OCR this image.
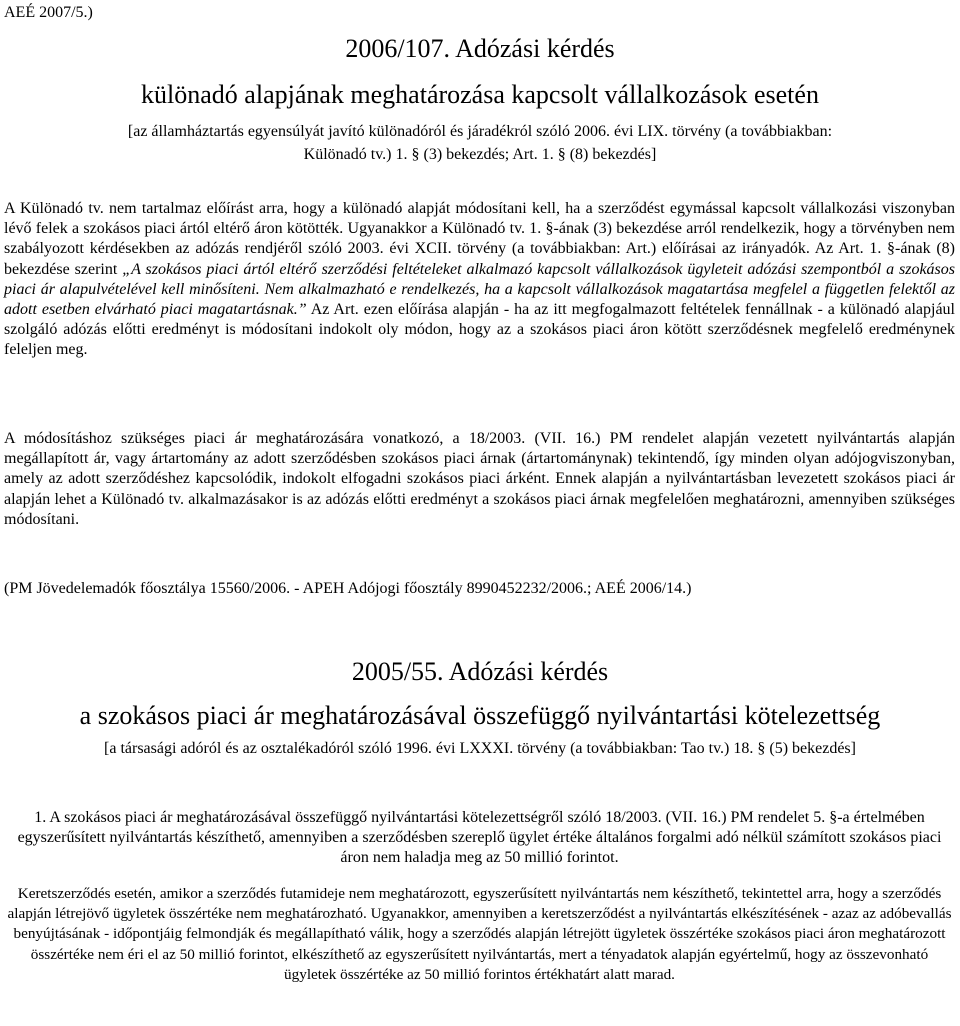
AEÉ 2007/5.)
2006/107. Adózási kérdés
különadó alapjának meghatározása kapcsolt vállalkozások esetén
[az államháztartás egyensúlyát javító különadóról és járadékról szóló 2006. évi LIX. törvény (a továbbiakban:
Különadó tv.) 1. § (3) bekezdés; Art. 1. § (8) bekezdés]
A Különadó tv. nem tartalmaz előírást arra, hogy a különadó alapját módosítani kell, ha a szerződést egymással kapcsolt vállalkozási viszonyban lévő felek a szokásos piaci ártól eltérő áron kötötték. Ugyanakkor a Különadó tv. 1. §-ának (3) bekezdése arról rendelkezik, hogy a törvényben nem szabályozott kérdésekben az adózás rendjéről szóló 2003. évi XCII. törvény (a továbbiakban: Art.) előírásai az irányadók. Az Art. 1. §-ának (8) bekezdése szerint „A szokásos piaci ártól eltérő szerződési feltételeket alkalmazó kapcsolt vállalkozások ügyleteit adózási szempontból a szokásos piaci ár alapulvételével kell minősíteni. Nem alkalmazható e rendelkezés, ha a kapcsolt vállalkozások magatartása megfelel a független felektől az adott esetben elvárható piaci magatartásnak.” Az Art. ezen előírása alapján - ha az itt megfogalmazott feltételek fennállnak - a különadó alapjául szolgáló adózás előtti eredményt is módosítani indokolt oly módon, hogy az a szokásos piaci áron kötött szerződésnek megfelelő eredménynek feleljen meg.
A módosításhoz szükséges piaci ár meghatározására vonatkozó, a 18/2003. (VII. 16.) PM rendelet alapján vezetett nyilvántartás alapján megállapított ár, vagy ártartomány az adott szerződésben szokásos piaci árnak (ártartománynak) tekintendő, így minden olyan adójogviszonyban, amely az adott szerződéshez kapcsolódik, indokolt elfogadni szokásos piaci árként. Ennek alapján a nyilvántartásban levezetett szokásos piaci ár alapján lehet a Különadó tv. alkalmazásakor is az adózás előtti eredményt a szokásos piaci árnak megfelelően meghatározni, amennyiben szükséges módosítani.
(PM Jövedelemadók főosztálya 15560/2006. - APEH Adójogi főosztály 8990452232/2006.; AEÉ 2006/14.)
2005/55. Adózási kérdés
a szokásos piaci ár meghatározásával összefüggő nyilvántartási kötelezettség
[a társasági adóról és az osztalékadóról szóló 1996. évi LXXXI. törvény (a továbbiakban: Tao tv.) 18. § (5) bekezdés]
1. A szokásos piaci ár meghatározásával összefüggő nyilvántartási kötelezettségről szóló 18/2003. (VII. 16.) PM rendelet 5. §-a értelmében egyszerűsített nyilvántartás készíthető, amennyiben a szerződésben szereplő ügylet értéke általános forgalmi adó nélkül számított szokásos piaci áron nem haladja meg az 50 millió forintot.
Keretszerződés esetén, amikor a szerződés futamideje nem meghatározott, egyszerűsített nyilvántartás nem készíthető, tekintettel arra, hogy a szerződés alapján létrejövő ügyletek összértéke nem meghatározható. Ugyanakkor, amennyiben a keretszerződést a nyilvántartás elkészítésének - azaz az adóbevallás benyújtásának - időpontjáig felmondják és megállapítható válik, hogy a szerződés alapján létrejött ügyletek összértéke szokásos piaci áron meghatározott összértéke nem éri el az 50 millió forintot, elkészíthető az egyszerűsített nyilvántartás, mert a tényadatok alapján egyértelmű, hogy az összevonható ügyletek összértéke az 50 millió forintos értékhatárt alatt marad.
